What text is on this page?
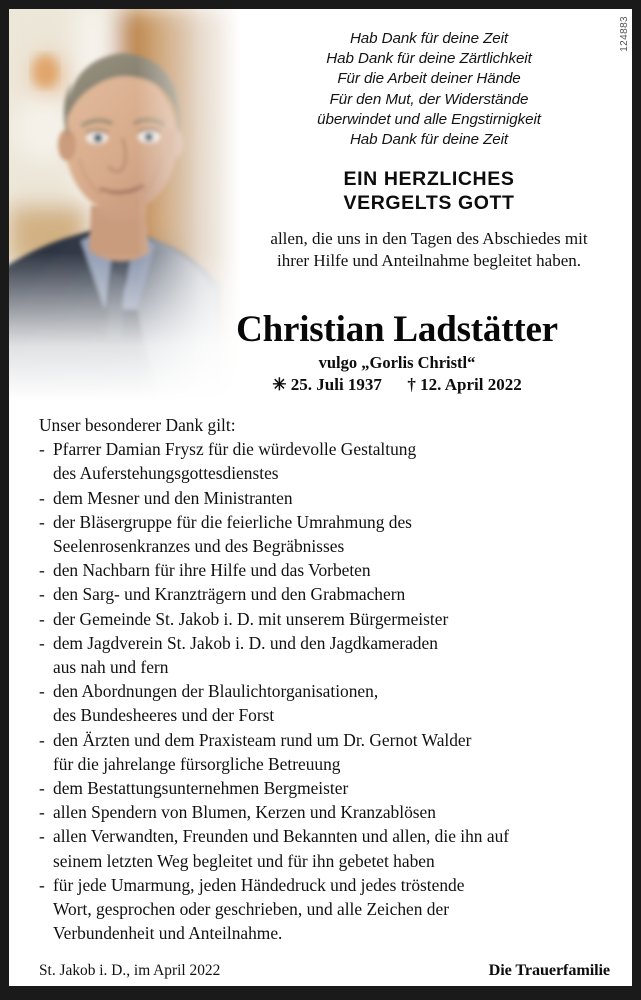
124883
Hab Dank für deine Zeit
Hab Dank für deine Zärtlichkeit
Für die Arbeit deiner Hände
Für den Mut, der Widerstände
überwindet und alle Engstirnigkeit
Hab Dank für deine Zeit
EIN HERZLICHES
VERGELTS GOTT
allen, die uns in den Tagen des Abschiedes mit
ihrer Hilfe und Anteilnahme begleitet haben.
Christian Ladstätter
vulgo „Gorlis Christl“
✳ 25. Juli 1937 † 12. April 2022
Unser besonderer Dank gilt:
- Pfarrer Damian Frysz für die würdevolle Gestaltung
des Auferstehungsgottesdienstes
- dem Mesner und den Ministranten
- der Bläsergruppe für die feierliche Umrahmung des
Seelenrosenkranzes und des Begräbnisses
- den Nachbarn für ihre Hilfe und das Vorbeten
- den Sarg- und Kranzträgern und den Grabmachern
- der Gemeinde St. Jakob i. D. mit unserem Bürgermeister
- dem Jagdverein St. Jakob i. D. und den Jagdkameraden
aus nah und fern
- den Abordnungen der Blaulichtorganisationen,
des Bundesheeres und der Forst
- den Ärzten und dem Praxisteam rund um Dr. Gernot Walder
für die jahrelange fürsorgliche Betreuung
- dem Bestattungsunternehmen Bergmeister
- allen Spendern von Blumen, Kerzen und Kranzablösen
- allen Verwandten, Freunden und Bekannten und allen, die ihn auf
seinem letzten Weg begleitet und für ihn gebetet haben
- für jede Umarmung, jeden Händedruck und jedes tröstende
Wort, gesprochen oder geschrieben, und alle Zeichen der
Verbundenheit und Anteilnahme.
St. Jakob i. D., im April 2022	Die Trauerfamilie
